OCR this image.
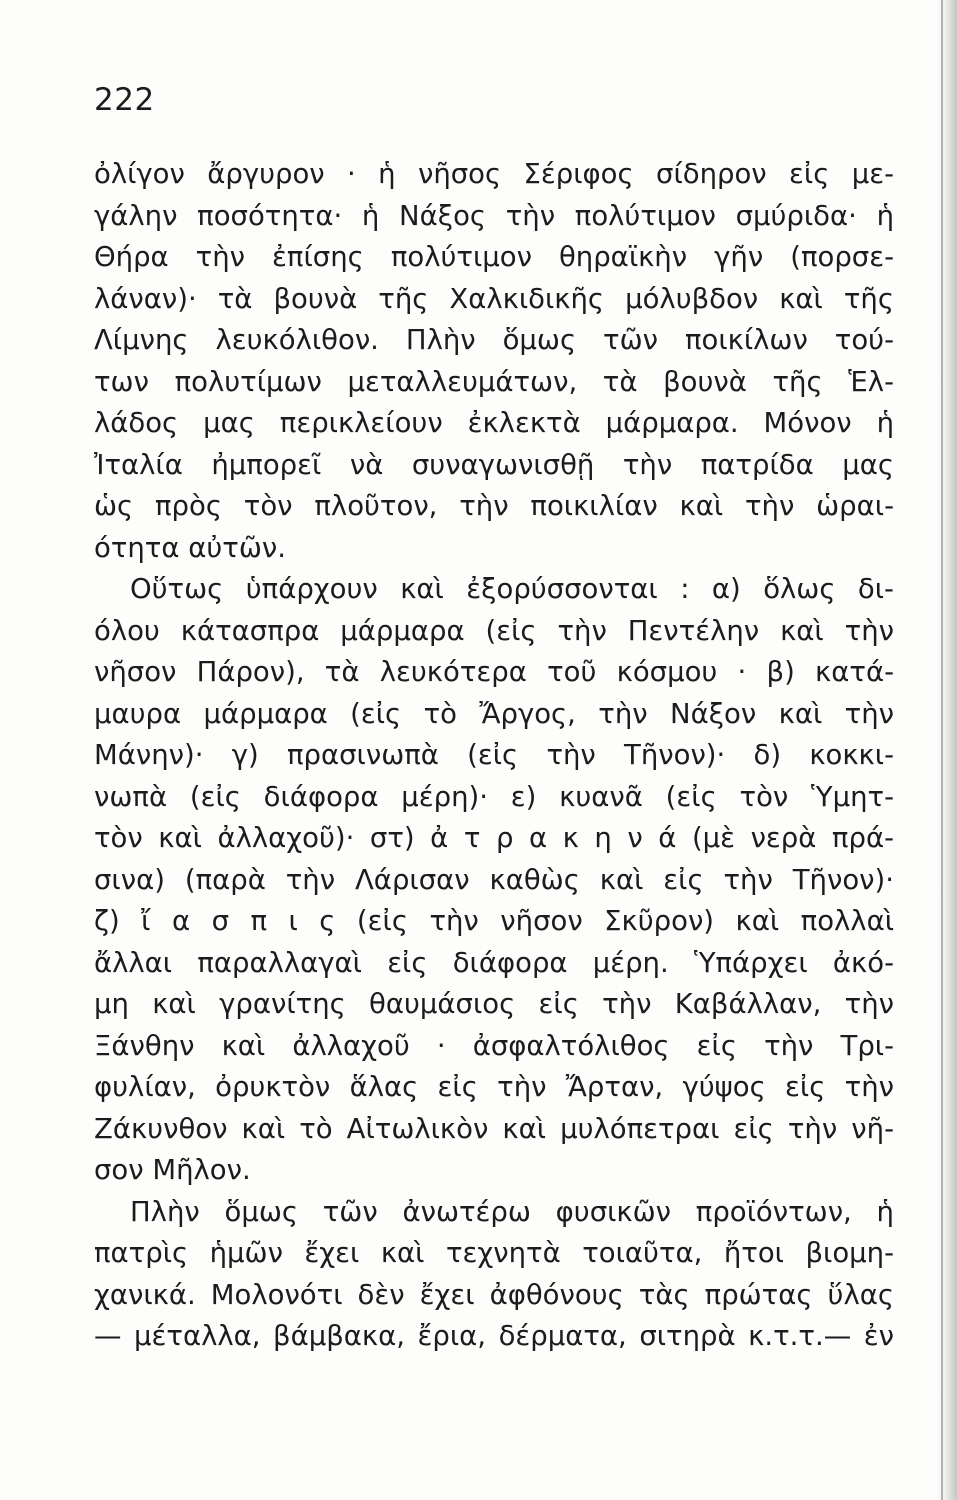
222
ὀλίγον ἄργυρον · ἡ νῆσος Σέριφος σίδηρον εἰς με-
γάλην ποσότητα· ἡ Νάξος τὴν πολύτιμον σμύριδα· ἡ
Θήρα τὴν ἐπίσης πολύτιμον θηραϊκὴν γῆν (πορσε-
λάναν)· τὰ βουνὰ τῆς Χαλκιδικῆς μόλυβδον καὶ τῆς
Λίμνης λευκόλιθον. Πλὴν ὅμως τῶν ποικίλων τού-
των πολυτίμων μεταλλευμάτων, τὰ βουνὰ τῆς Ἑλ-
λάδος μας περικλείουν ἐκλεκτὰ μάρμαρα. Μόνον ἡ
Ἰταλία ἠμπορεῖ νὰ συναγωνισθῇ τὴν πατρίδα μας
ὡς πρὸς τὸν πλοῦτον, τὴν ποικιλίαν καὶ τὴν ὡραι-
ότητα αὐτῶν.
Οὕτως ὑπάρχουν καὶ ἐξορύσσονται : α) ὅλως δι-
όλου κάτασπρα μάρμαρα (εἰς τὴν Πεντέλην καὶ τὴν
νῆσον Πάρον), τὰ λευκότερα τοῦ κόσμου · β) κατά-
μαυρα μάρμαρα (εἰς τὸ Ἄργος, τὴν Νάξον καὶ τὴν
Μάνην)· γ) πρασινωπὰ (εἰς τὴν Τῆνον)· δ) κοκκι-
νωπὰ (εἰς διάφορα μέρη)· ε) κυανᾶ (εἰς τὸν Ὑμητ-
τὸν καὶ ἀλλαχοῦ)· στ) ἀ τ ρ α κ η ν ά (μὲ νερὰ πρά-
σινα) (παρὰ τὴν Λάρισαν καθὼς καὶ εἰς τὴν Τῆνον)·
ζ) ἴ α σ π ι ς (εἰς τὴν νῆσον Σκῦρον) καὶ πολλαὶ
ἄλλαι παραλλαγαὶ εἰς διάφορα μέρη. Ὑπάρχει ἀκό-
μη καὶ γρανίτης θαυμάσιος εἰς τὴν Καβάλλαν, τὴν
Ξάνθην καὶ ἀλλαχοῦ · ἀσφαλτόλιθος εἰς τὴν Τρι-
φυλίαν, ὀρυκτὸν ἅλας εἰς τὴν Ἄρταν, γύψος εἰς τὴν
Ζάκυνθον καὶ τὸ Αἰτωλικὸν καὶ μυλόπετραι εἰς τὴν νῆ-
σον Μῆλον.
Πλὴν ὅμως τῶν ἀνωτέρω φυσικῶν προϊόντων, ἡ
πατρὶς ἡμῶν ἔχει καὶ τεχνητὰ τοιαῦτα, ἤτοι βιομη-
χανικά. Μολονότι δὲν ἔχει ἀφθόνους τὰς πρώτας ὕλας
— μέταλλα, βάμβακα, ἔρια, δέρματα, σιτηρὰ κ.τ.τ.— ἐν
